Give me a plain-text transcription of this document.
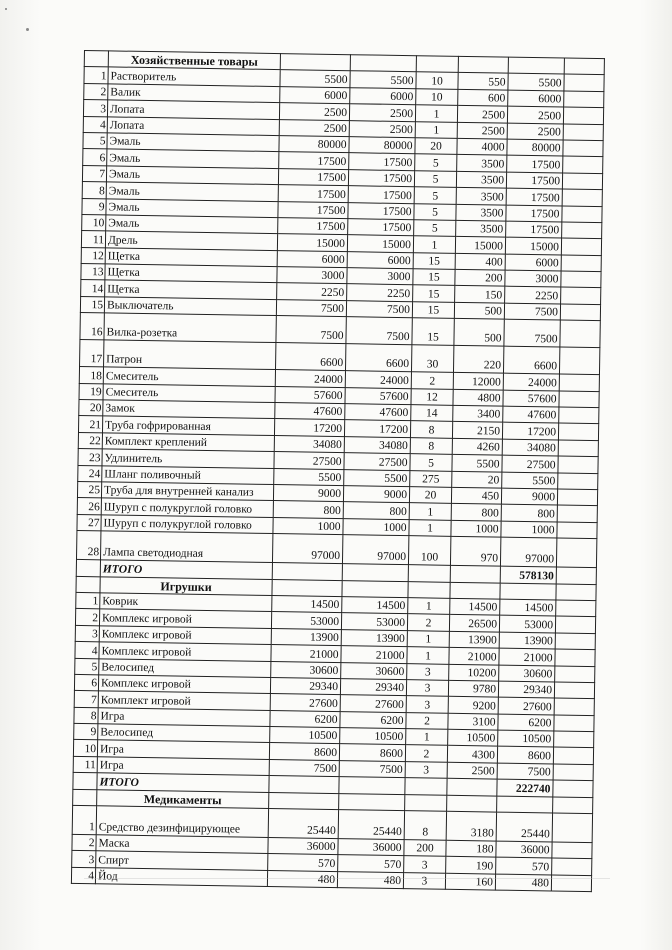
	Хозяйственные товары						
1	Растворитель	5500	5500	10	550	5500	
2	Валик	6000	6000	10	600	6000	
3	Лопата	2500	2500	1	2500	2500	
4	Лопата	2500	2500	1	2500	2500	
5	Эмаль	80000	80000	20	4000	80000	
6	Эмаль	17500	17500	5	3500	17500	
7	Эмаль	17500	17500	5	3500	17500	
8	Эмаль	17500	17500	5	3500	17500	
9	Эмаль	17500	17500	5	3500	17500	
10	Эмаль	17500	17500	5	3500	17500	
11	Дрель	15000	15000	1	15000	15000	
12	Щетка	6000	6000	15	400	6000	
13	Щетка	3000	3000	15	200	3000	
14	Щетка	2250	2250	15	150	2250	
15	Выключатель	7500	7500	15	500	7500	
16	Вилка-розетка	7500	7500	15	500	7500	
17	Патрон	6600	6600	30	220	6600	
18	Смеситель	24000	24000	2	12000	24000	
19	Смеситель	57600	57600	12	4800	57600	
20	Замок	47600	47600	14	3400	47600	
21	Труба гофрированная	17200	17200	8	2150	17200	
22	Комплект креплений	34080	34080	8	4260	34080	
23	Удлинитель	27500	27500	5	5500	27500	
24	Шланг поливочный	5500	5500	275	20	5500	
25	Труба для внутренней канализ	9000	9000	20	450	9000	
26	Шуруп с полукруглой головко	800	800	1	800	800	
27	Шуруп с полукруглой головко	1000	1000	1	1000	1000	
28	Лампа светодиодная	97000	97000	100	970	97000	
	ИТОГО					578130	
	Игрушки						
1	Коврик	14500	14500	1	14500	14500	
2	Комплекс игровой	53000	53000	2	26500	53000	
3	Комплекс игровой	13900	13900	1	13900	13900	
4	Комплекс игровой	21000	21000	1	21000	21000	
5	Велосипед	30600	30600	3	10200	30600	
6	Комплекс игровой	29340	29340	3	9780	29340	
7	Комплект игровой	27600	27600	3	9200	27600	
8	Игра	6200	6200	2	3100	6200	
9	Велосипед	10500	10500	1	10500	10500	
10	Игра	8600	8600	2	4300	8600	
11	Игра	7500	7500	3	2500	7500	
	ИТОГО					222740	
	Медикаменты						
1	Средство дезинфицирующее	25440	25440	8	3180	25440	
2	Маска	36000	36000	200	180	36000	
3	Спирт	570	570	3	190	570	
4	Йод	480	480	3	160	480	
